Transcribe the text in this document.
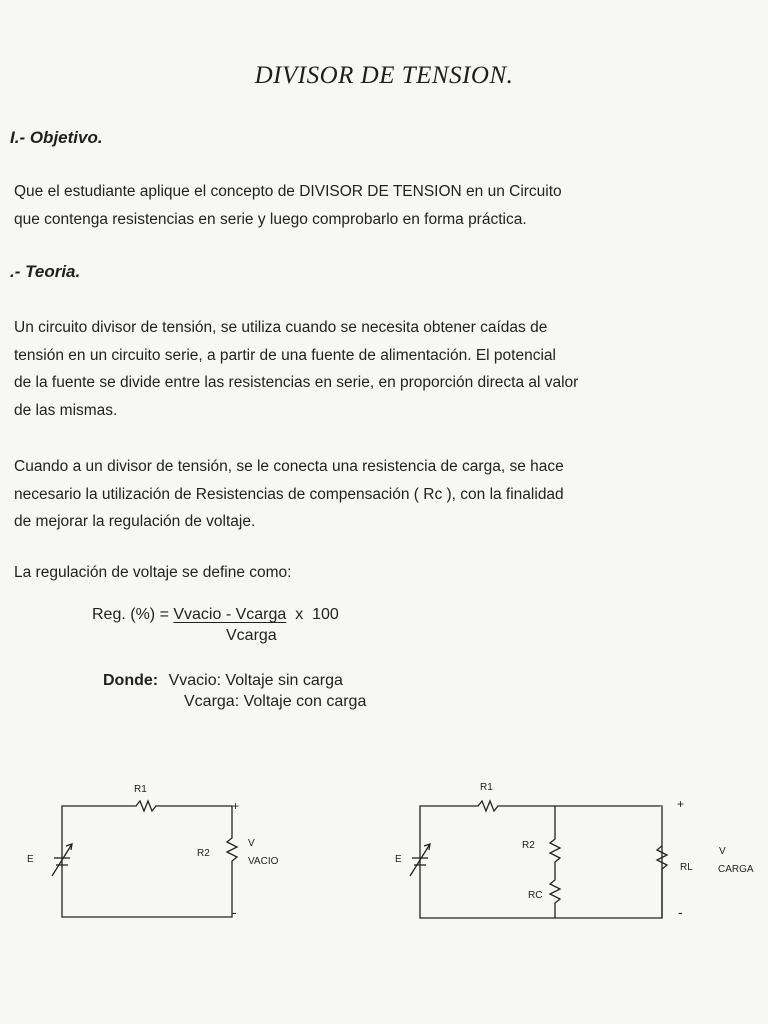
DIVISOR DE TENSION.
I.- Objetivo.
Que el estudiante aplique el concepto de DIVISOR DE TENSION en un Circuito
que contenga resistencias en serie y luego comprobarlo en forma práctica.
.- Teoria.
Un circuito divisor de tensión, se utiliza cuando se necesita obtener caídas de
tensión en un circuito serie, a partir de una fuente de alimentación. El potencial
de la fuente se divide entre las resistencias en serie, en proporción directa al valor
de las mismas.
Cuando a un divisor de tensión, se le conecta una resistencia de carga, se hace
necesario la utilización de Resistencias de compensación ( Rc ), con la finalidad
de mejorar la regulación de voltaje.
La regulación de voltaje se define como:
Reg. (%) = Vvacio - Vcarga  x  100
Vcarga
Donde: Vvacio: Voltaje sin carga
Vcarga: Voltaje con carga
R1
R2
E
+
-
V
VACIO
R1
R2
RC
RL
E
+
-
V
CARGA
